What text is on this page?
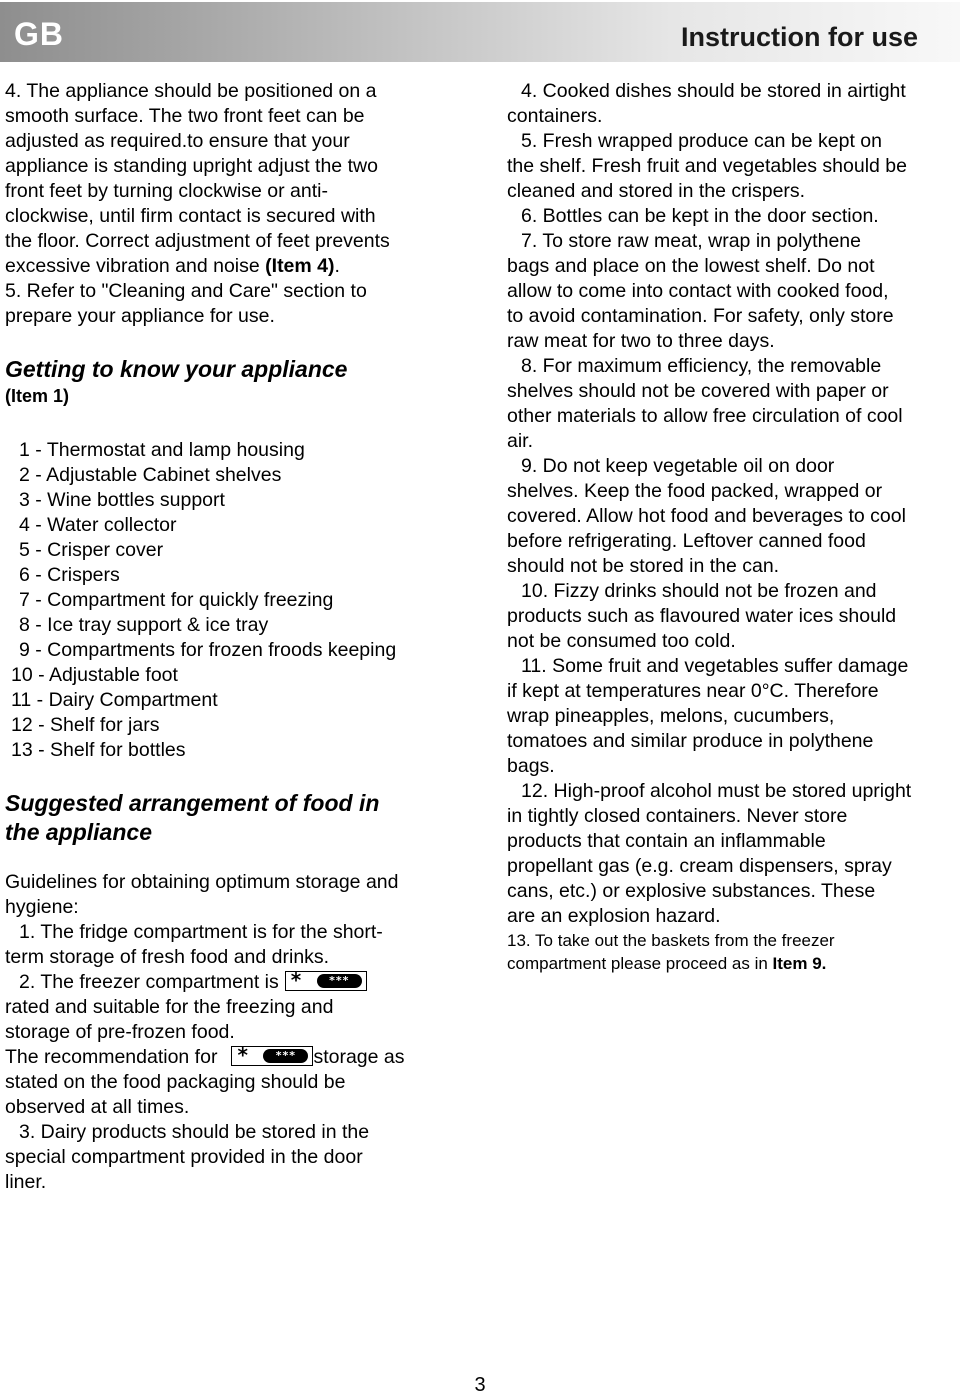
GB	Instruction for use

4. The appliance should be positioned on a

smooth surface. The two front feet can be

adjusted as required.to ensure that your

appliance is standing upright adjust the two

front feet by turning clockwise or anti-

clockwise, until firm contact is secured with

the floor. Correct adjustment of feet prevents

excessive vibration and noise (Item 4).

5. Refer to "Cleaning and Care" section to

prepare your appliance for use.

Getting to know your appliance

(Item 1)

1 - Thermostat and lamp housing

2 - Adjustable Cabinet shelves

3 - Wine bottles support

4 - Water collector

5 - Crisper cover

6 - Crispers

7 - Compartment for quickly freezing

8 - Ice tray support & ice tray

9 - Compartments for frozen froods keeping

10 - Adjustable foot

11 - Dairy Compartment

12 - Shelf for jars

13 - Shelf for bottles

Suggested arrangement of food in

the appliance

Guidelines for obtaining optimum storage and

hygiene:

1. The fridge compartment is for the short-

term storage of fresh food and drinks.

2. The freezer compartment is *	***

rated and suitable for the freezing and

storage of pre-frozen food.

The recommendation for *	*** storage as

stated on the food packaging should be

observed at all times.

3. Dairy products should be stored in the

special compartment provided in the door

liner.

4. Cooked dishes should be stored in airtight

containers.

5. Fresh wrapped produce can be kept on

the shelf. Fresh fruit and vegetables should be

cleaned and stored in the crispers.

6. Bottles can be kept in the door section.

7. To store raw meat, wrap in polythene

bags and place on the lowest shelf. Do not

allow to come into contact with cooked food,

to avoid contamination. For safety, only store

raw meat for two to three days.

8. For maximum efficiency, the removable

shelves should not be covered with paper or

other materials to allow free circulation of cool

air.

9. Do not keep vegetable oil on door

shelves. Keep the food packed, wrapped or

covered. Allow hot food and beverages to cool

before refrigerating. Leftover canned food

should not be stored in the can.

10. Fizzy drinks should not be frozen and

products such as flavoured water ices should

not be consumed too cold.

11. Some fruit and vegetables suffer damage

if kept at temperatures near 0°C. Therefore

wrap pineapples, melons, cucumbers,

tomatoes and similar produce in polythene

bags.

12. High-proof alcohol must be stored upright

in tightly closed containers. Never store

products that contain an inflammable

propellant gas (e.g. cream dispensers, spray

cans, etc.) or explosive substances. These

are an explosion hazard.

13. To take out the baskets from the freezer

compartment please proceed as in Item 9.

3
